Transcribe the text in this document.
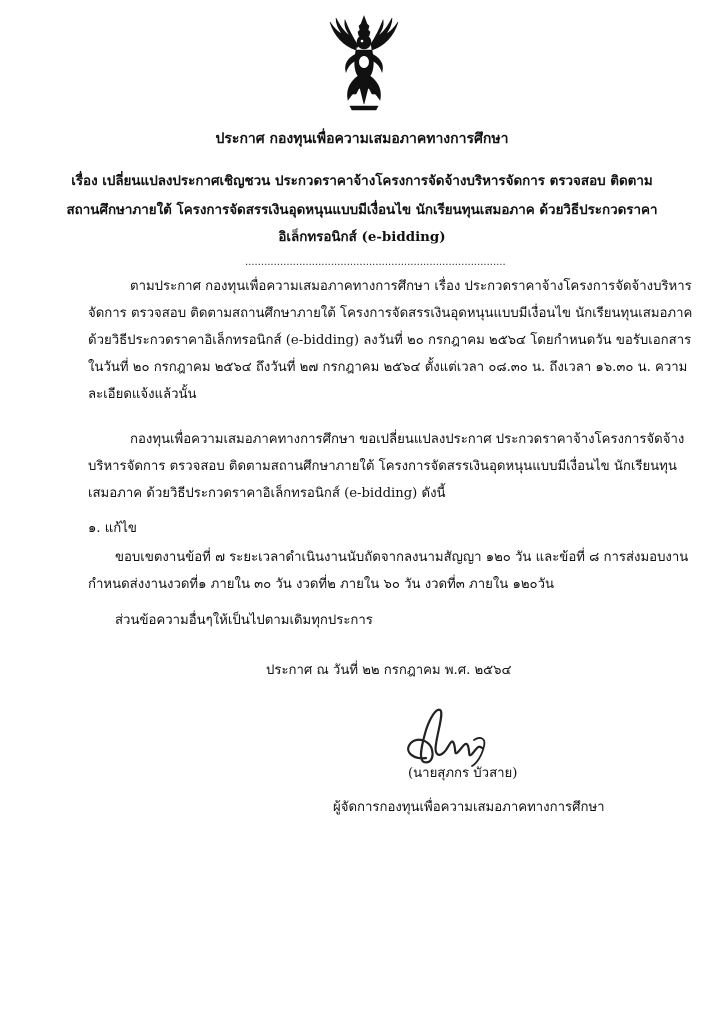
ประกาศ กองทุนเพื่อความเสมอภาคทางการศึกษา
เรื่อง เปลี่ยนแปลงประกาศเชิญชวน ประกวดราคาจ้างโครงการจัดจ้างบริหารจัดการ ตรวจสอบ ติดตาม
สถานศึกษาภายใต้ โครงการจัดสรรเงินอุดหนุนแบบมีเงื่อนไข นักเรียนทุนเสมอภาค ด้วยวิธีประกวดราคา
อิเล็กทรอนิกส์ (e-bidding)
..................................................................................
ตามประกาศ กองทุนเพื่อความเสมอภาคทางการศึกษา เรื่อง ประกวดราคาจ้างโครงการจัดจ้างบริหาร
จัดการ ตรวจสอบ ติดตามสถานศึกษาภายใต้ โครงการจัดสรรเงินอุดหนุนแบบมีเงื่อนไข นักเรียนทุนเสมอภาค
ด้วยวิธีประกวดราคาอิเล็กทรอนิกส์ (e-bidding) ลงวันที่ ๒๐ กรกฎาคม ๒๕๖๔ โดยกำหนดวัน ขอรับเอกสาร
ในวันที่ ๒๐ กรกฎาคม ๒๕๖๔ ถึงวันที่ ๒๗ กรกฎาคม ๒๕๖๔ ตั้งแต่เวลา ๐๘.๓๐ น. ถึงเวลา ๑๖.๓๐ น. ความ
ละเอียดแจ้งแล้วนั้น
กองทุนเพื่อความเสมอภาคทางการศึกษา ขอเปลี่ยนแปลงประกาศ ประกวดราคาจ้างโครงการจัดจ้าง
บริหารจัดการ ตรวจสอบ ติดตามสถานศึกษาภายใต้ โครงการจัดสรรเงินอุดหนุนแบบมีเงื่อนไข นักเรียนทุน
เสมอภาค ด้วยวิธีประกวดราคาอิเล็กทรอนิกส์ (e-bidding) ดังนี้
๑. แก้ไข
ขอบเขตงานข้อที่ ๗ ระยะเวลาดำเนินงานนับถัดจากลงนามสัญญา ๑๒๐ วัน และข้อที่ ๘ การส่งมอบงาน
กำหนดส่งงานงวดที่๑ ภายใน ๓๐ วัน งวดที่๒ ภายใน ๖๐ วัน งวดที่๓ ภายใน ๑๒๐วัน
ส่วนข้อความอื่นๆให้เป็นไปตามเดิมทุกประการ
ประกาศ ณ วันที่ ๒๒ กรกฎาคม พ.ศ. ๒๕๖๔
(นายสุภกร บัวสาย)
ผู้จัดการกองทุนเพื่อความเสมอภาคทางการศึกษา
